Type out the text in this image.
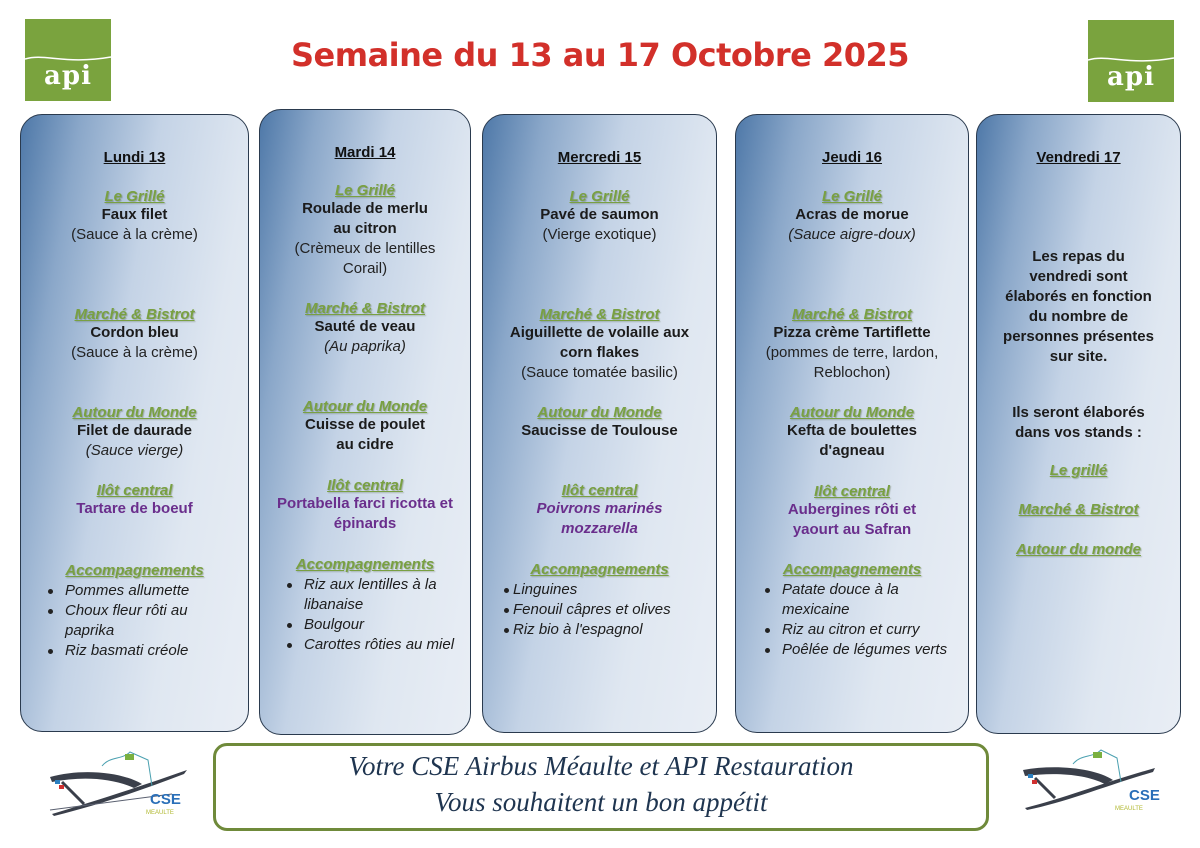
api	api
Semaine du 13 au 17 Octobre 2025
Lundi 13
Le Grillé
Faux filet
(Sauce à la crème)
Marché & Bistrot
Cordon bleu
(Sauce à la crème)
Autour du Monde
Filet de daurade
(Sauce vierge)
Ilôt central
Tartare de boeuf
Accompagnements
Pommes allumette
Choux fleur rôti au paprika
Riz basmati créole
Mardi 14
Le Grillé
Roulade de merlu
au citron
(Crèmeux de lentilles
Corail)
Marché & Bistrot
Sauté de veau
(Au paprika)
Autour du Monde
Cuisse de poulet
au cidre
Ilôt central
Portabella farci ricotta et
épinards
Accompagnements
Riz aux lentilles à la libanaise
Boulgour
Carottes rôties au miel
Mercredi 15
Le Grillé
Pavé de saumon
(Vierge exotique)
Marché & Bistrot
Aiguillette de volaille aux
corn flakes
(Sauce tomatée basilic)
Autour du Monde
Saucisse de Toulouse
Ilôt central
Poivrons marinés
mozzarella
Accompagnements
Linguines
Fenouil câpres et olives
Riz bio à l'espagnol
Jeudi 16
Le Grillé
Acras de morue
(Sauce aigre-doux)
Marché & Bistrot
Pizza crème Tartiflette
(pommes de terre, lardon,
Reblochon)
Autour du Monde
Kefta de boulettes
d'agneau
Ilôt central
Aubergines rôti et
yaourt au Safran
Accompagnements
Patate douce à la mexicaine
Riz au citron et curry
Poêlée de légumes verts
Vendredi 17
Les repas du
vendredi sont
élaborés en fonction
du nombre de
personnes présentes
sur site.
Ils seront élaborés
dans vos stands :
Le grillé
Marché & Bistrot
Autour du monde
CSE
MEAULTE
Votre CSE Airbus Méaulte et API Restauration
Vous souhaitent un bon appétit	CSE
MEAULTE
